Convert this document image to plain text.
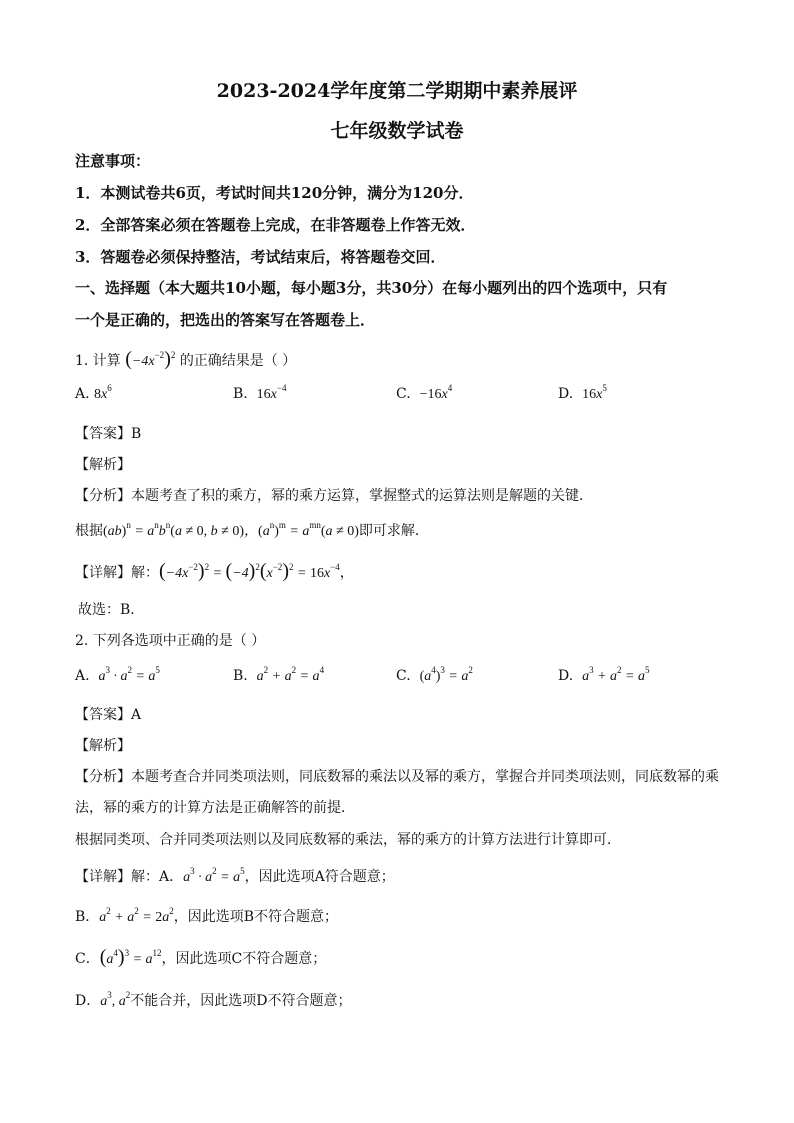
2023-2024学年度第二学期期中素养展评
七年级数学试卷
注意事项：
1．本测试卷共6页，考试时间共120分钟，满分为120分．
2．全部答案必须在答题卷上完成，在非答题卷上作答无效．
3．答题卷必须保持整洁，考试结束后，将答题卷交回．
一、选择题（本大题共10小题，每小题3分，共30分）在每小题列出的四个选项中，只有
一个是正确的，把选出的答案写在答题卷上．
1. 计算 $(-4x^{-2})^2$ 的正确结果是（ ）
A. $8x^6$	B. $16x^{-4}$	C. $-16x^4$	D. $16x^5$
【答案】B
【解析】
【分析】本题考查了积的乘方，幂的乘方运算，掌握整式的运算法则是解题的关键．
根据$(ab)^n = a^nb^n(a \ne 0$, b ≠ 0)，$(a^n)^m = a^{mn}(a \ne 0)$即可求解．
【详解】解：$(-4x^{-2})^2 = (-4)^2(x^{-2})^2 = 16x^{-4}$，
故选：B．
2. 下列各选项中正确的是（ ）
A. $a^3 \cdot a^2 = a^5$	B. $a^2 + a^2 = a^4$	C. $(a^4)^3 = a^2$	D. $a^3 + a^2 = a^5$
【答案】A
【解析】
【分析】本题考查合并同类项法则，同底数幂的乘法以及幂的乘方，掌握合并同类项法则，同底数幂的乘
法，幂的乘方的计算方法是正确解答的前提．
根据同类项、合并同类项法则以及同底数幂的乘法，幂的乘方的计算方法进行计算即可．
【详解】解：A．$a^3 \cdot a^2 = a^5$，因此选项A符合题意；
B．$a^2 + a^2 = 2a^2$，因此选项B不符合题意；
C．$(a^4)^3 = a^{12}$，因此选项C不符合题意；
D．$a^3$, $a^2$不能合并，因此选项D不符合题意；
